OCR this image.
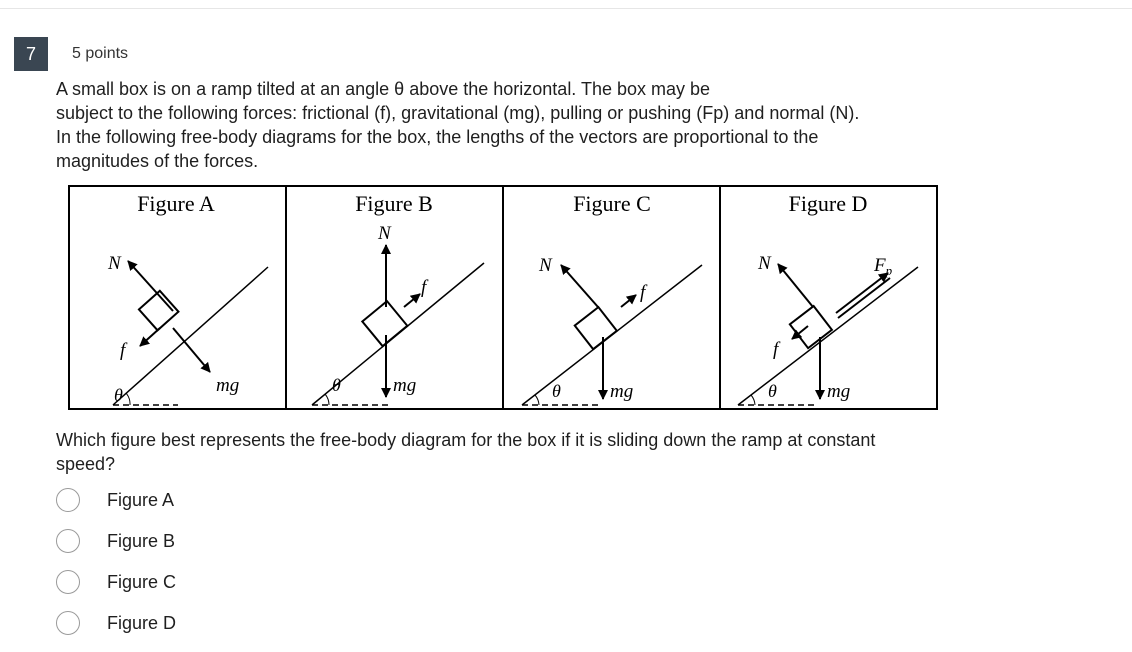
7	5 points
A small box is on a ramp tilted at an angle θ above the horizontal. The box may be
subject to the following forces: frictional (f), gravitational (mg), pulling or pushing (Fp) and normal (N).
In the following free-body diagrams for the box, the lengths of the vectors are proportional to the
magnitudes of the forces.
Figure A
θ
N
f
mg
Figure B
θ
N
f
mg
Figure C
θ
N
f
mg
Figure D
θ
N
f
$F_p$
mg
Which figure best represents the free-body diagram for the box if it is sliding down the ramp at constant
speed?
Figure A
Figure B
Figure C
Figure D
